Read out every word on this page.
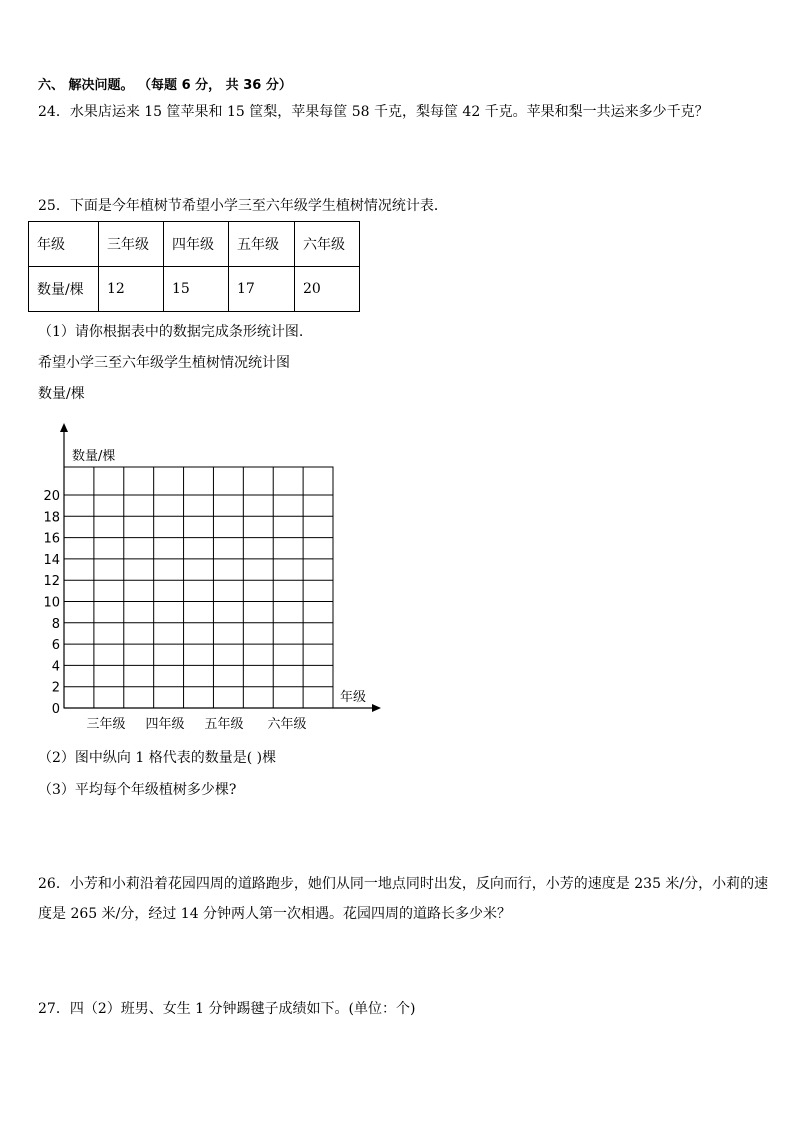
六、 解决问题。 （每题 6 分， 共 36 分）
24．水果店运来 15 筐苹果和 15 筐梨，苹果每筐 58 千克，梨每筐 42 千克。苹果和梨一共运来多少千克？
25．下面是今年植树节希望小学三至六年级学生植树情况统计表．
年级	三年级	四年级	五年级	六年级
数量/棵	12	15	17	20
（1）请你根据表中的数据完成条形统计图.
希望小学三至六年级学生植树情况统计图
数量/棵
0
2
4
6
8
10
12
14
16
18
20
数量/棵
年级
三年级 四年级 五年级 六年级
（2）图中纵向 1 格代表的数量是( )棵
（3）平均每个年级植树多少棵?
26．小芳和小莉沿着花园四周的道路跑步，她们从同一地点同时出发，反向而行，小芳的速度是 235 米/分，小莉的速
度是 265 米/分，经过 14 分钟两人第一次相遇。花园四周的道路长多少米？
27．四（2）班男、女生 1 分钟踢毽子成绩如下。(单位：个)
